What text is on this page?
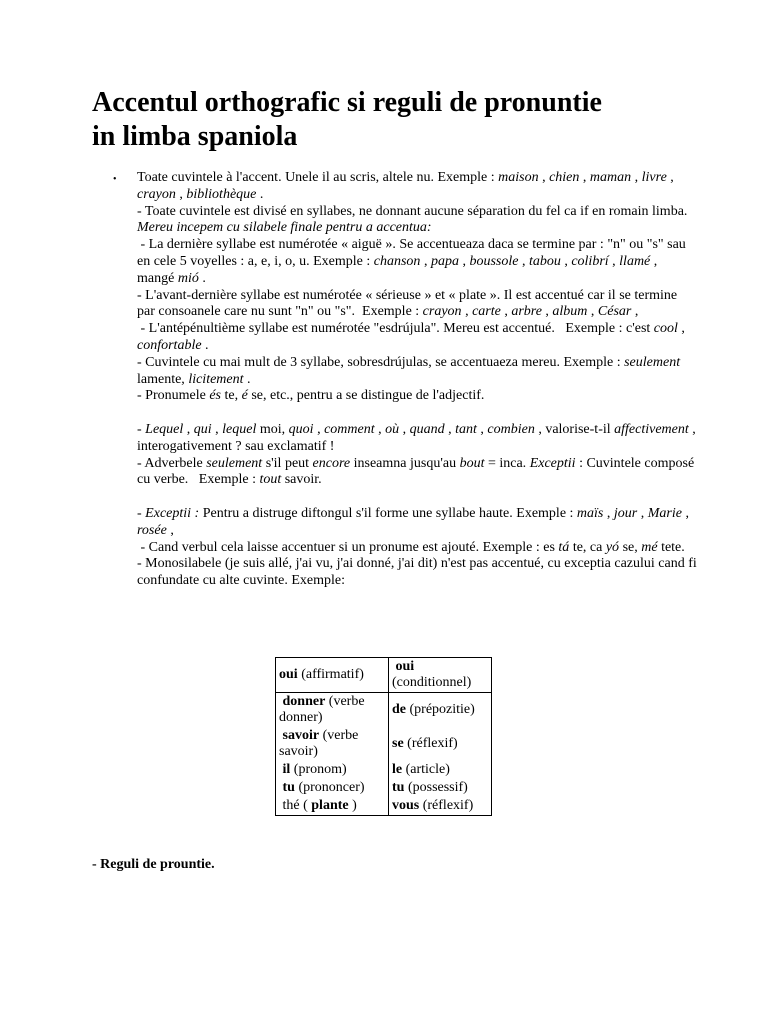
Accentul orthografic si reguli de pronuntie
in limba spaniola
• Toate cuvintele à l'accent. Unele il au scris, altele nu. Exemple : maison , chien , maman , livre , crayon , bibliothèque .

- Toate cuvintele est divisé en syllabes, ne donnant aucune séparation du fel ca if en romain limba.

Mereu incepem cu silabele finale pentru a accentua:

- La dernière syllabe est numérotée « aiguë ». Se accentueaza daca se termine par : "n" ou "s" sau en cele 5 voyelles : a, e, i, o, u. Exemple : chanson , papa , boussole , tabou , colibrí , llamé , mangé mió .

- L'avant-dernière syllabe est numérotée « sérieuse » et « plate ». Il est accentué car il se termine par consoanele care nu sunt "n" ou "s".  Exemple : crayon , carte , arbre , album , César ,

- L'antépénultième syllabe est numérotée "esdrújula". Mereu est accentué.   Exemple : c'est cool , confortable .

- Cuvintele cu mai mult de 3 syllabe, sobresdrújulas, se accentuaeza mereu. Exemple : seulement lamente, licitement .

- Pronumele és te, é se, etc., pentru a se distingue de l'adjectif.

- Lequel , qui , lequel moi, quoi , comment , où , quand , tant , combien , valorise-t-il affectivement , interogativement ? sau exclamatif !

- Adverbele seulement s'il peut encore inseamna jusqu'au bout = inca. Exceptii : Cuvintele composé cu verbe.   Exemple : tout savoir.

- Exceptii : Pentru a distruge diftongul s'il forme une syllabe haute. Exemple : maïs , jour , Marie , rosée ,

- Cand verbul cela laisse accentuer si un pronume est ajouté. Exemple : es tá te, ca yó se, mé tete.

- Monosilabele (je suis allé, j'ai vu, j'ai donné, j'ai dit) n'est pas accentué, cu exceptia cazului cand fi confundate cu alte cuvinte. Exemple:

oui (affirmatif)	oui
(conditionnel)
donner (verbe donner)	de (prépozitie)
savoir (verbe savoir)	se (réflexif)
il (pronom)	le (article)
tu (prononcer)	tu (possessif)
thé ( plante )	vous (réflexif)
- Reguli de prountie.
